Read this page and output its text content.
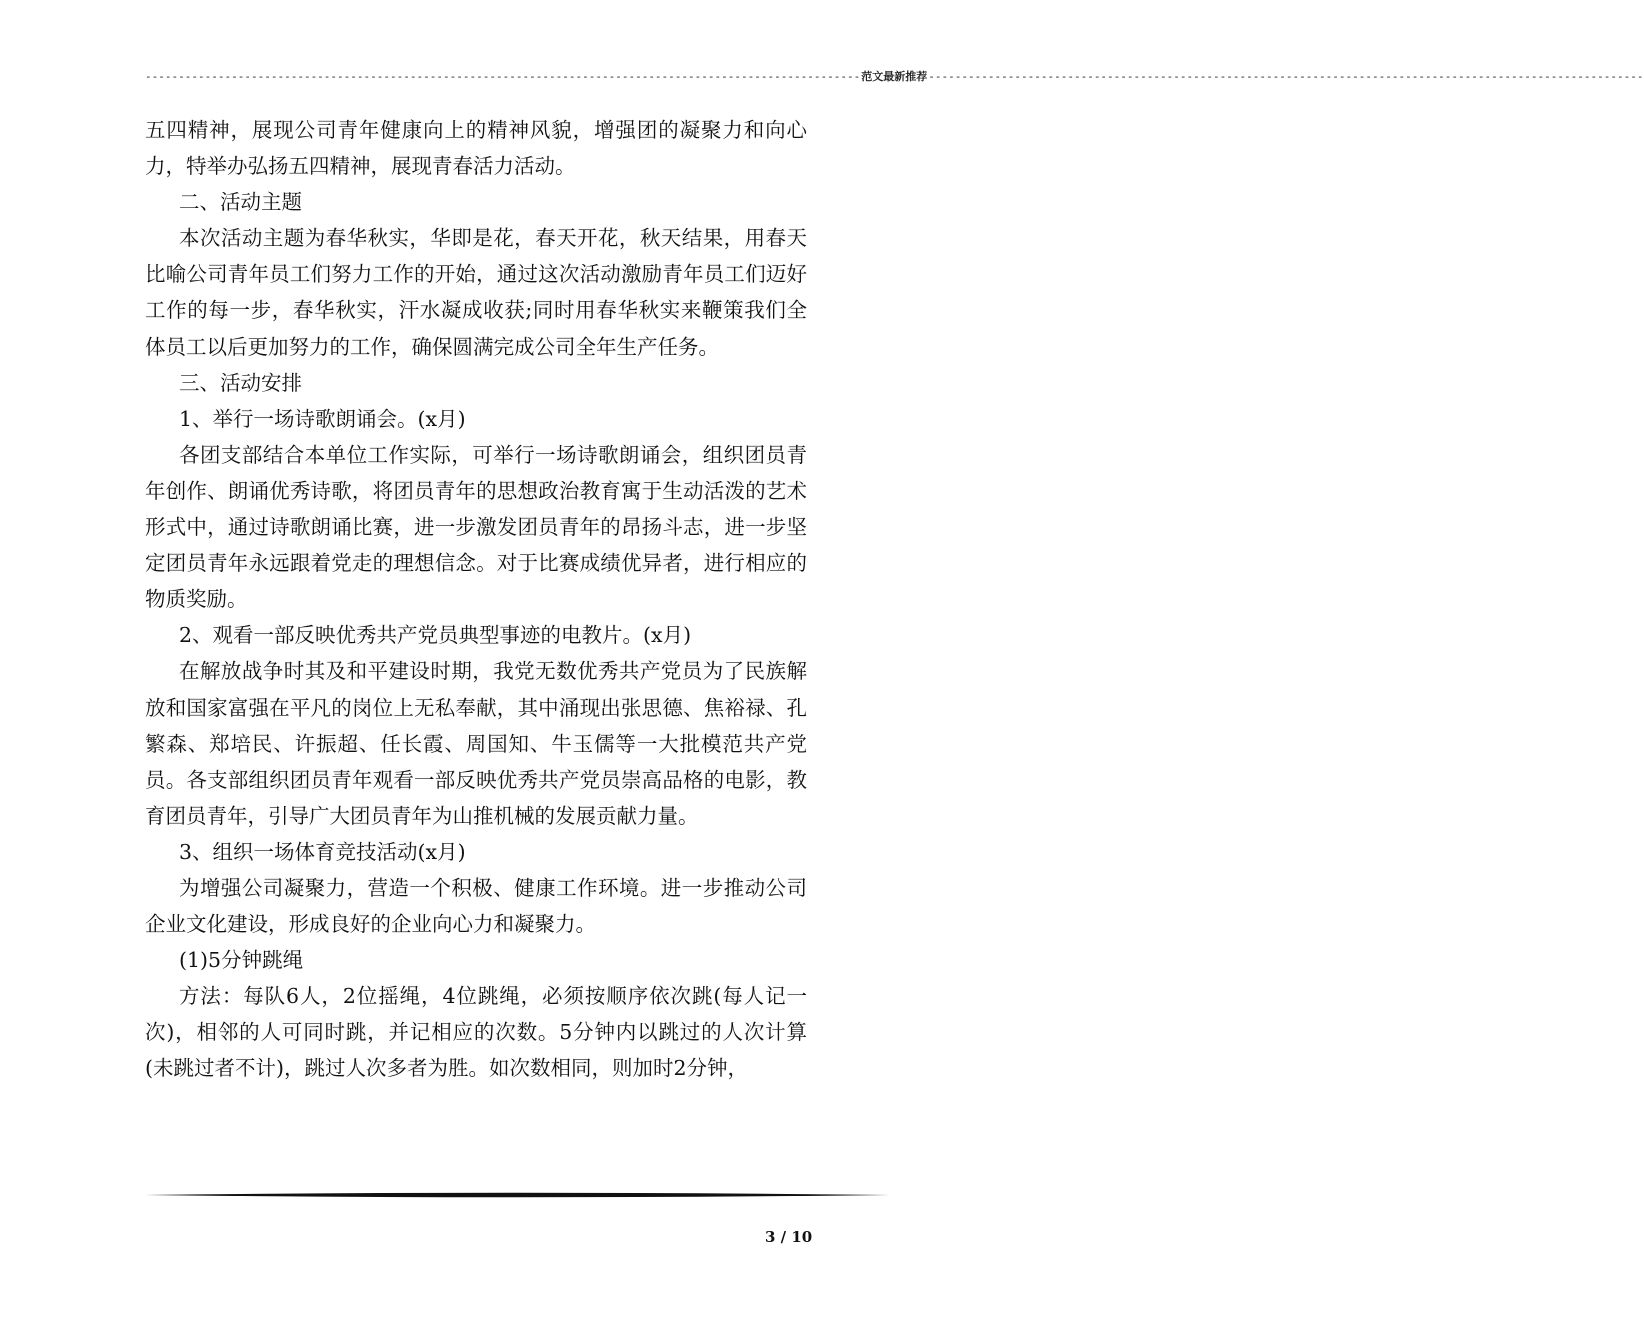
------------------------------------------------------------------------------------------------------------ 范文最新推荐 ------------------------------------------------------------------------------------------------------------

五四精神，展现公司青年健康向上的精神风貌，增强团的凝聚力和向心力，特举办弘扬五四精神，展现青春活力活动。

二、活动主题

本次活动主题为春华秋实，华即是花，春天开花，秋天结果，用春天比喻公司青年员工们努力工作的开始，通过这次活动激励青年员工们迈好工作的每一步，春华秋实，汗水凝成收获;同时用春华秋实来鞭策我们全体员工以后更加努力的工作，确保圆满完成公司全年生产任务。

三、活动安排

1、举行一场诗歌朗诵会。(x月)

各团支部结合本单位工作实际，可举行一场诗歌朗诵会，组织团员青年创作、朗诵优秀诗歌，将团员青年的思想政治教育寓于生动活泼的艺术形式中，通过诗歌朗诵比赛，进一步激发团员青年的昂扬斗志，进一步坚定团员青年永远跟着党走的理想信念。对于比赛成绩优异者，进行相应的物质奖励。

2、观看一部反映优秀共产党员典型事迹的电教片。(x月)

在解放战争时其及和平建设时期，我党无数优秀共产党员为了民族解放和国家富强在平凡的岗位上无私奉献，其中涌现出张思德、焦裕禄、孔繁森、郑培民、许振超、任长霞、周国知、牛玉儒等一大批模范共产党员。各支部组织团员青年观看一部反映优秀共产党员崇高品格的电影，教育团员青年，引导广大团员青年为山推机械的发展贡献力量。

3、组织一场体育竞技活动(x月)

为增强公司凝聚力，营造一个积极、健康工作环境。进一步推动公司企业文化建设，形成良好的企业向心力和凝聚力。

(1)5分钟跳绳

方法：每队6人，2位摇绳，4位跳绳，必须按顺序依次跳(每人记一次)，相邻的人可同时跳，并记相应的次数。5分钟内以跳过的人次计算(未跳过者不计)，跳过人次多者为胜。如次数相同，则加时2分钟，

3 / 10
